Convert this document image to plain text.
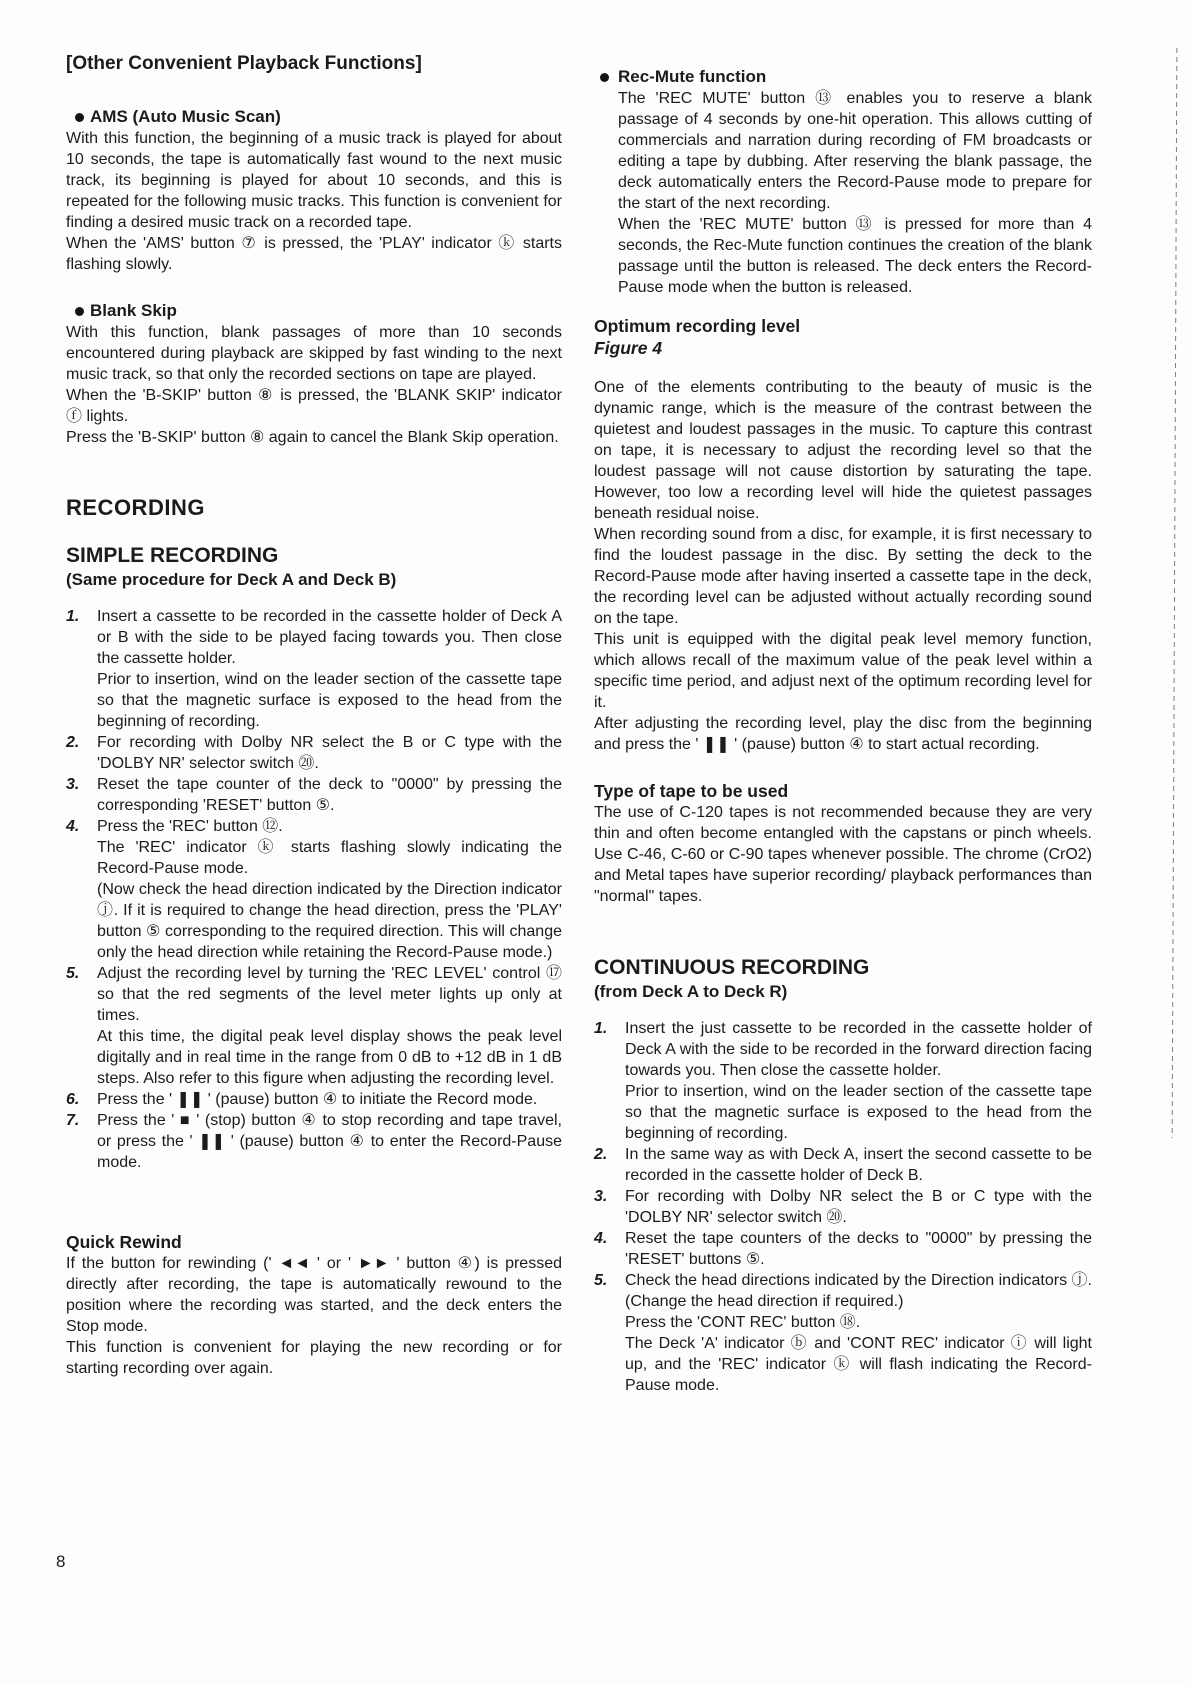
[Other Convenient Playback Functions]
AMS (Auto Music Scan)

With this function, the beginning of a music track is played for about 10 seconds, the tape is automatically fast wound to the next music track, its beginning is played for about 10 seconds, and this is repeated for the following music tracks. This function is convenient for finding a desired music track on a recorded tape.

When the 'AMS' button ⑦ is pressed, the 'PLAY' indicator ⓚ starts flashing slowly.

Blank Skip

With this function, blank passages of more than 10 seconds encountered during playback are skipped by fast winding to the next music track, so that only the recorded sections on tape are played.

When the 'B-SKIP' button ⑧ is pressed, the 'BLANK SKIP' indicator ⓕ lights.

Press the 'B-SKIP' button ⑧ again to cancel the Blank Skip operation.

RECORDING
SIMPLE RECORDING
(Same procedure for Deck A and Deck B)
1.	Insert a cassette to be recorded in the cassette holder of Deck A or B with the side to be played facing towards you. Then close the cassette holder.

Prior to insertion, wind on the leader section of the cassette tape so that the magnetic surface is exposed to the head from the beginning of recording.

2.	For recording with Dolby NR select the B or C type with the 'DOLBY NR' selector switch ⑳.

3.	Reset the tape counter of the deck to "0000" by pressing the corresponding 'RESET' button ⑤.

4.	Press the 'REC' button ⑫.

The 'REC' indicator ⓚ starts flashing slowly indicating the Record-Pause mode.

(Now check the head direction indicated by the Direction indicator ⓙ. If it is required to change the head direction, press the 'PLAY' button ⑤ corresponding to the required direction. This will change only the head direction while retaining the Record-Pause mode.)

5.	Adjust the recording level by turning the 'REC LEVEL' control ⑰ so that the red segments of the level meter lights up only at times.

At this time, the digital peak level display shows the peak level digitally and in real time in the range from 0 dB to +12 dB in 1 dB steps. Also refer to this figure when adjusting the recording level.

6.	Press the ' ❚❚ ' (pause) button ④ to initiate the Record mode.

7.	Press the ' ■ ' (stop) button ④ to stop recording and tape travel, or press the ' ❚❚ ' (pause) button ④ to enter the Record-Pause mode.

Quick Rewind

If the button for rewinding (' ◄◄ ' or ' ►► ' button ④) is pressed directly after recording, the tape is automatically rewound to the position where the recording was started, and the deck enters the Stop mode.

This function is convenient for playing the new recording or for starting recording over again.

Rec-Mute function

The 'REC MUTE' button ⑬ enables you to reserve a blank passage of 4 seconds by one-hit operation. This allows cutting of commercials and narration during recording of FM broadcasts or editing a tape by dubbing. After reserving the blank passage, the deck automatically enters the Record-Pause mode to prepare for the start of the next recording.

When the 'REC MUTE' button ⑬ is pressed for more than 4 seconds, the Rec-Mute function continues the creation of the blank passage until the button is released. The deck enters the Record-Pause mode when the button is released.

Optimum recording level
Figure 4

One of the elements contributing to the beauty of music is the dynamic range, which is the measure of the contrast between the quietest and loudest passages in the music. To capture this contrast on tape, it is necessary to adjust the recording level so that the loudest passage will not cause distortion by saturating the tape. However, too low a recording level will hide the quietest passages beneath residual noise.

When recording sound from a disc, for example, it is first necessary to find the loudest passage in the disc. By setting the deck to the Record-Pause mode after having inserted a cassette tape in the deck, the recording level can be adjusted without actually recording sound on the tape.

This unit is equipped with the digital peak level memory function, which allows recall of the maximum value of the peak level within a specific time period, and adjust next of the optimum recording level for it.

After adjusting the recording level, play the disc from the beginning and press the ' ❚❚ ' (pause) button ④ to start actual recording.

Type of tape to be used

The use of C-120 tapes is not recommended because they are very thin and often become entangled with the capstans or pinch wheels. Use C-46, C-60 or C-90 tapes whenever possible. The chrome (CrO2) and Metal tapes have superior recording/ playback performances than "normal" tapes.

CONTINUOUS RECORDING
(from Deck A to Deck R)
1.	Insert the just cassette to be recorded in the cassette holder of Deck A with the side to be recorded in the forward direction facing towards you. Then close the cassette holder.

Prior to insertion, wind on the leader section of the cassette tape so that the magnetic surface is exposed to the head from the beginning of recording.

2.	In the same way as with Deck A, insert the second cassette to be recorded in the cassette holder of Deck B.

3.	For recording with Dolby NR select the B or C type with the 'DOLBY NR' selector switch ⑳.

4.	Reset the tape counters of the decks to "0000" by pressing the 'RESET' buttons ⑤.

5.	Check the head directions indicated by the Direction indicators ⓙ. (Change the head direction if required.)

Press the 'CONT REC' button ⑱.

The Deck 'A' indicator ⓑ and 'CONT REC' indicator ⓘ will light up, and the 'REC' indicator ⓚ will flash indicating the Record-Pause mode.

8
